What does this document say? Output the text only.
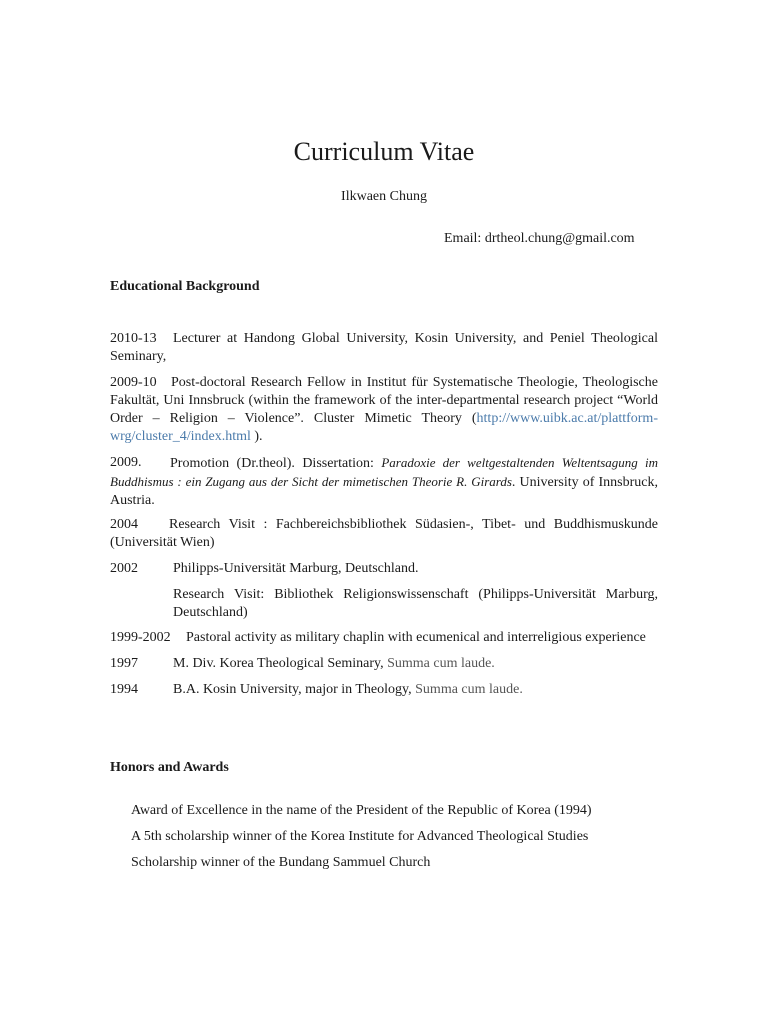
Curriculum Vitae
Ilkwaen Chung
Email: drtheol.chung@gmail.com
Educational Background
2010-13	Lecturer at Handong Global University, Kosin University, and Peniel Theological Seminary,
2009-10	Post-doctoral Research Fellow in Institut für Systematische Theologie, Theologische Fakultät, Uni Innsbruck (within the framework of the inter-departmental research project “World Order – Religion – Violence”. Cluster Mimetic Theory (http://www.uibk.ac.at/plattform-wrg/cluster_4/index.html ).
2009.	Promotion (Dr.theol). Dissertation: Paradoxie der weltgestaltenden Weltentsagung im Buddhismus : ein Zugang aus der Sicht der mimetischen Theorie R. Girards. University of Innsbruck, Austria.
2004	Research Visit : Fachbereichsbibliothek Südasien-, Tibet- und Buddhismuskunde (Universität Wien)
2002	Philipps-Universität Marburg, Deutschland.
Research Visit: Bibliothek Religionswissenschaft (Philipps-Universität Marburg, Deutschland)
1999-2002 Pastoral activity as military chaplin with ecumenical and interreligious experience
1997	M. Div. Korea Theological Seminary, Summa cum laude.
1994	B.A. Kosin University, major in Theology, Summa cum laude.
Honors and Awards
Award of Excellence in the name of the President of the Republic of Korea (1994)
A 5th scholarship winner of the Korea Institute for Advanced Theological Studies
Scholarship winner of the Bundang Sammuel Church
